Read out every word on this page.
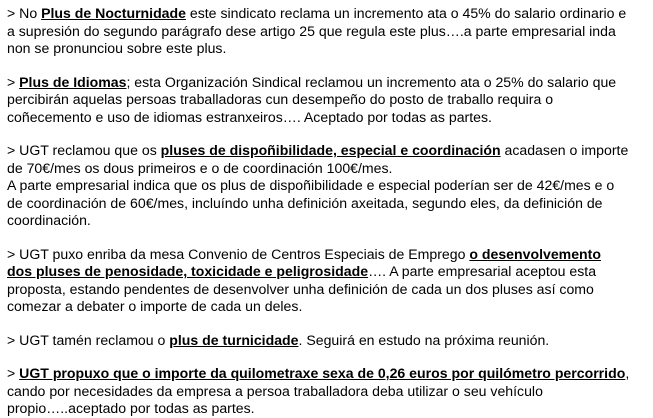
> No Plus de Nocturnidade este sindicato reclama un incremento ata o 45% do salario ordinario e
a supresión do segundo parágrafo dese artigo 25 que regula este plus….a parte empresarial inda
non se pronunciou sobre este plus.
> Plus de Idiomas; esta Organización Sindical reclamou un incremento ata o 25% do salario que
percibirán aquelas persoas traballadoras cun desempeño do posto de traballo requira o
coñecemento e uso de idiomas estranxeiros…. Aceptado por todas as partes.
> UGT reclamou que os pluses de dispoñibilidade, especial e coordinación acadasen o importe
de 70€/mes os dous primeiros e o de coordinación 100€/mes.
A parte empresarial indica que os plus de dispoñibilidade e especial poderían ser de 42€/mes e o
de coordinación de 60€/mes, incluíndo unha definición axeitada, segundo eles, da definición de
coordinación.
> UGT puxo enriba da mesa Convenio de Centros Especiais de Emprego o desenvolvemento
dos pluses de penosidade, toxicidade e peligrosidade…. A parte empresarial aceptou esta
proposta, estando pendentes de desenvolver unha definición de cada un dos pluses así como
comezar a debater o importe de cada un deles.
> UGT tamén reclamou o plus de turnicidade. Seguirá en estudo na próxima reunión.
> UGT propuxo que o importe da quilometraxe sexa de 0,26 euros por quilómetro percorrido,
cando por necesidades da empresa a persoa traballadora deba utilizar o seu vehículo
propio…..aceptado por todas as partes.
